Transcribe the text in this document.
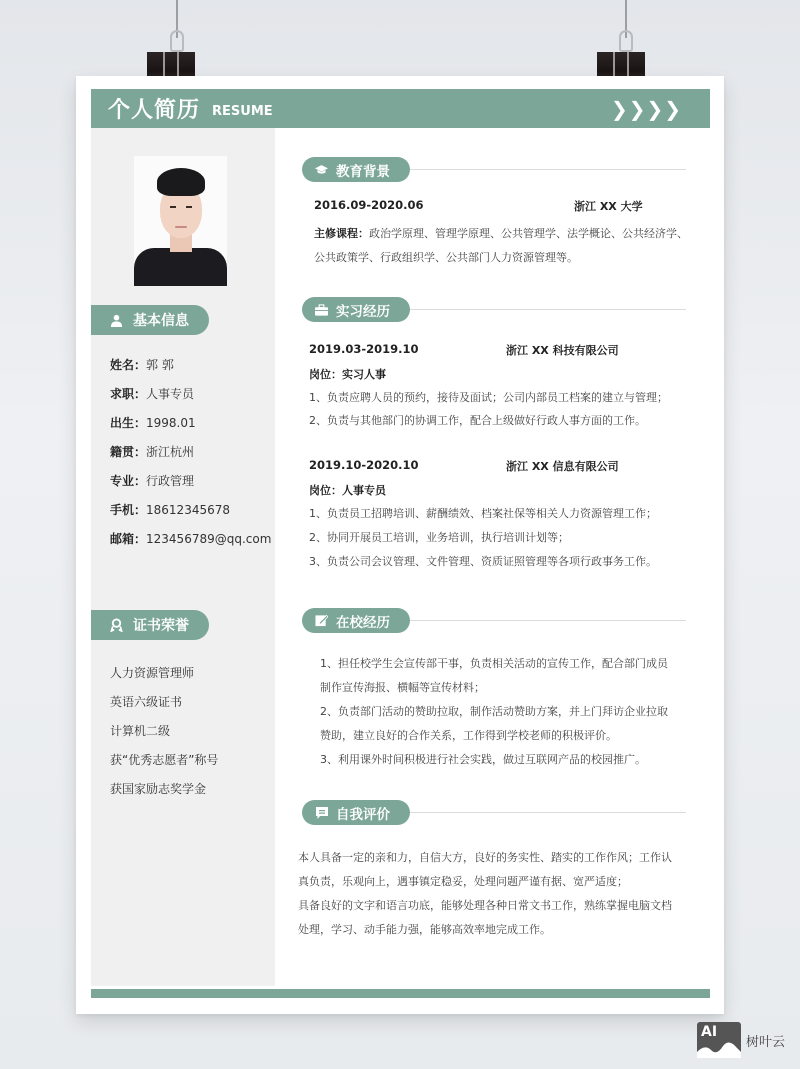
个人简历 RESUME	❯❯❯❯
基本信息
姓名：郭 郭
求职：人事专员
出生：1998.01
籍贯：浙江杭州
专业：行政管理
手机：18612345678
邮箱：123456789@qq.com
证书荣誉
人力资源管理师
英语六级证书
计算机二级
获“优秀志愿者”称号
获国家励志奖学金
教育背景
2016.09-2020.06	浙江 XX 大学
主修课程：政治学原理、管理学原理、公共管理学、法学概论、公共经济学、
公共政策学、行政组织学、公共部门人力资源管理等。
实习经历
2019.03-2019.10	浙江 XX 科技有限公司
岗位：实习人事
1、负责应聘人员的预约，接待及面试；公司内部员工档案的建立与管理；
2、负责与其他部门的协调工作，配合上级做好行政人事方面的工作。
2019.10-2020.10	浙江 XX 信息有限公司
岗位：人事专员
1、负责员工招聘培训、薪酬绩效、档案社保等相关人力资源管理工作；
2、协同开展员工培训，业务培训，执行培训计划等；
3、负责公司会议管理、文件管理、资质证照管理等各项行政事务工作。
在校经历
1、担任校学生会宣传部干事，负责相关活动的宣传工作，配合部门成员
制作宣传海报、横幅等宣传材料；
2、负责部门活动的赞助拉取，制作活动赞助方案，并上门拜访企业拉取
赞助，建立良好的合作关系，工作得到学校老师的积极评价。
3、利用课外时间积极进行社会实践，做过互联网产品的校园推广。
自我评价
本人具备一定的亲和力，自信大方，良好的务实性、踏实的工作作风；工作认
真负责，乐观向上，遇事镇定稳妥，处理问题严谨有据、宽严适度；
具备良好的文字和语言功底，能够处理各种日常文书工作，熟练掌握电脑文档
处理，学习、动手能力强，能够高效率地完成工作。
AI
树叶云
